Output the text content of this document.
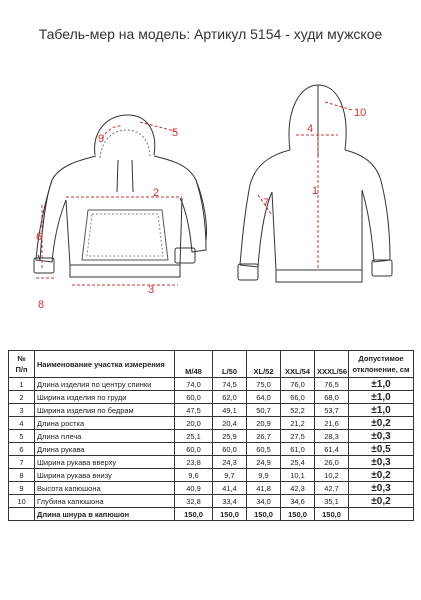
Табель-мер на модель: Артикул 5154 - худи мужское
9	5
2
6
3
8
10
4
1
7
№
П/п	Наименование участка измерения	M/48	L/50	XL/52	XXL/54	XXXL/56	Допустимое отклонение, см
1	Длина изделия по центру спинки	74,0	74,5	75,0	76,0	76,5	±1,0
2	Ширина изделия по груди	60,0	62,0	64,0	66,0	68,0	±1,0
3	Ширина изделия по бедрам	47,5	49,1	50,7	52,2	53,7	±1,0
4	Длина ростка	20,0	20,4	20,9	21,2	21,6	±0,2
5	Длина плеча	25,1	25,9	26,7	27,5	28,3	±0,3
6	Длина рукава	60,0	60,0	60,5	61,0	61,4	±0,5
7	Ширина рукава вверху	23,8	24,3	24,9	25,4	26,0	±0,3
8	Ширина рукава внизу	9,6	9,7	9,9	10,1	10,2	±0,2
9	Высота капюшона	40,9	41,4	41,8	42,3	42,7	±0,3
10	Глубина капюшона	32,8	33,4	34,0	34,6	35,1	±0,2
	Длина шнура в капюшон	150,0	150,0	150,0	150,0	150,0	
